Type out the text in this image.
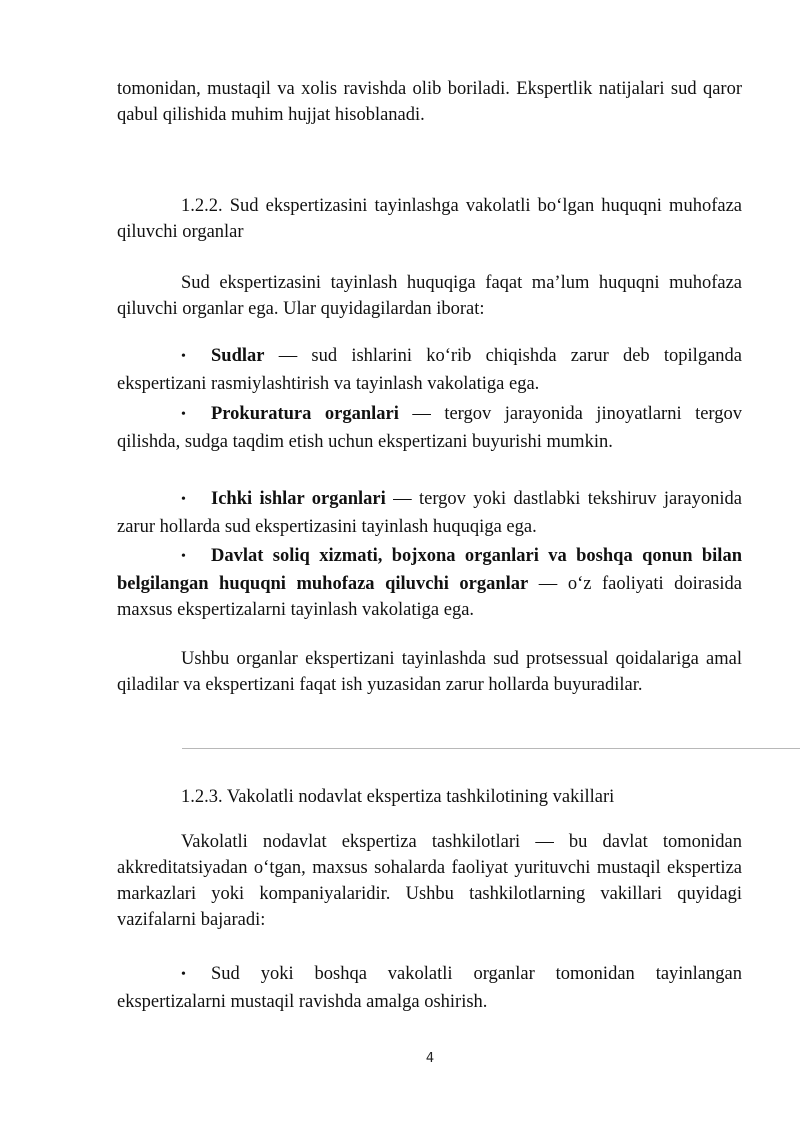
tomonidan, mustaqil va xolis ravishda olib boriladi. Ekspertlik natijalari sud qaror qabul qilishida muhim hujjat hisoblanadi.

1.2.2. Sud ekspertizasini tayinlashga vakolatli bo‘lgan huquqni muhofaza qiluvchi organlar

Sud ekspertizasini tayinlash huquqiga faqat ma’lum huquqni muhofaza qiluvchi organlar ega. Ular quyidagilardan iborat:

•Sudlar — sud ishlarini ko‘rib chiqishda zarur deb topilganda ekspertizani rasmiylashtirish va tayinlash vakolatiga ega.

•Prokuratura organlari — tergov jarayonida jinoyatlarni tergov qilishda, sudga taqdim etish uchun ekspertizani buyurishi mumkin.

•Ichki ishlar organlari — tergov yoki dastlabki tekshiruv jarayonida zarur hollarda sud ekspertizasini tayinlash huquqiga ega.

•Davlat soliq xizmati, bojxona organlari va boshqa qonun bilan belgilangan huquqni muhofaza qiluvchi organlar — o‘z faoliyati doirasida maxsus ekspertizalarni tayinlash vakolatiga ega.

Ushbu organlar ekspertizani tayinlashda sud protsessual qoidalariga amal qiladilar va ekspertizani faqat ish yuzasidan zarur hollarda buyuradilar.

1.2.3. Vakolatli nodavlat ekspertiza tashkilotining vakillari

Vakolatli nodavlat ekspertiza tashkilotlari — bu davlat tomonidan akkreditatsiyadan o‘tgan, maxsus sohalarda faoliyat yurituvchi mustaqil ekspertiza markazlari yoki kompaniyalaridir. Ushbu tashkilotlarning vakillari quyidagi vazifalarni bajaradi:

•Sud yoki boshqa vakolatli organlar tomonidan tayinlangan ekspertizalarni mustaqil ravishda amalga oshirish.

4
